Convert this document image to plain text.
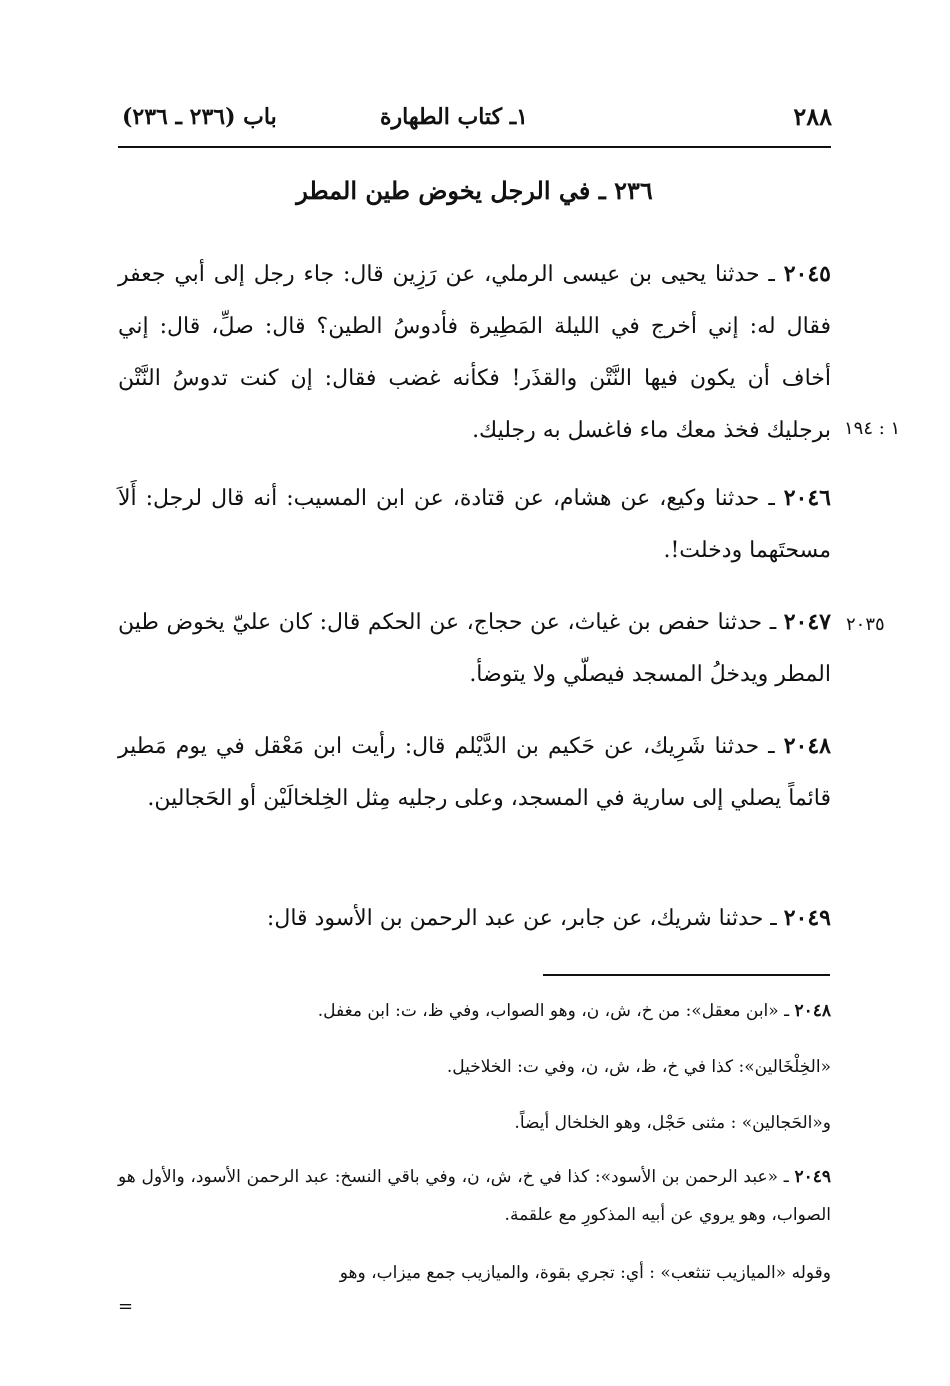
٢٨٨
١ـ كتاب الطهارة
باب (٢٣٦ ـ ٢٣٦)
٢٣٦ ـ في الرجل يخوض طين المطر
٢٠٤٥ ـ حدثنا يحيى بن عيسى الرملي، عن رَزِين قال: جاء رجل إلى أبي جعفر فقال له: إني أخرج في الليلة المَطِيرة فأدوسُ الطين؟ قال: صلِّ، قال: إني أخاف أن يكون فيها النَّتْن والقذَر! فكأنه غضب فقال: إن كنت تدوسُ النَّتْن برجليك فخذ معك ماء فاغسل به رجليك. ١ : ١٩٤
٢٠٤٦ ـ حدثنا وكيع، عن هشام، عن قتادة، عن ابن المسيب: أنه قال لرجل: أَلاَ مسحتَهما ودخلت!.
٢٠٣٥
٢٠٤٧ ـ حدثنا حفص بن غياث، عن حجاج، عن الحكم قال: كان عليّ يخوض طين المطر ويدخلُ المسجد فيصلّي ولا يتوضأ.
٢٠٤٨ ـ حدثنا شَرِيك، عن حَكيم بن الدَّيْلم قال: رأيت ابن مَعْقل في يوم مَطير قائماً يصلي إلى سارية في المسجد، وعلى رجليه مِثل الخِلخالَيْن أو الحَجالين.
٢٠٤٩ ـ حدثنا شريك، عن جابر، عن عبد الرحمن بن الأسود قال:
٢٠٤٨ ـ «ابن معقل»: من خ، ش، ن، وهو الصواب، وفي ظ، ت: ابن مغفل.
«الخِلْخَالين»: كذا في خ، ظ، ش، ن، وفي ت: الخلاخيل.
و«الحَجالين» : مثنى حَجْل، وهو الخلخال أيضاً.
٢٠٤٩ ـ «عبد الرحمن بن الأسود»: كذا في خ، ش، ن، وفي باقي النسخ: عبد الرحمن الأسود، والأول هو الصواب، وهو يروي عن أبيه المذكورِ مع علقمة.
وقوله «الميازيب تنثعب» : أي: تجري بقوة، والميازيب جمع ميزاب، وهو
=
